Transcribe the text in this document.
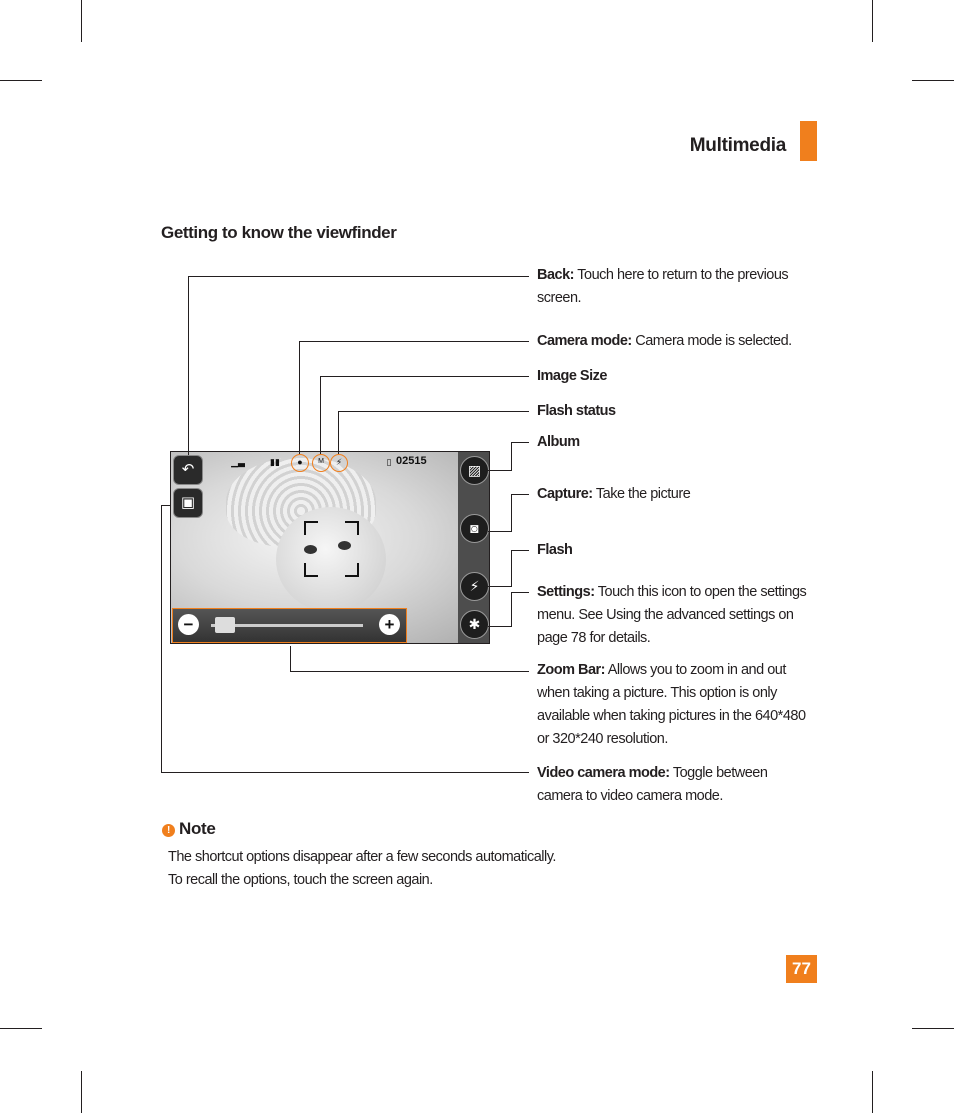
Multimedia
Getting to know the viewfinder
▁▃	▮▮	●	M	⚡	▯ 02515
↶
▣
▨
◙
⚡
✱
−	+
Back: Touch here to return to the previous screen.
Camera mode: Camera mode is selected.
Image Size
Flash status
Album
Capture: Take the picture
Flash
Settings: Touch this icon to open the settings menu. See Using the advanced settings on page 78 for details.
Zoom Bar: Allows you to zoom in and out when taking a picture. This option is only available when taking pictures in the 640*480 or 320*240 resolution.
Video camera mode: Toggle between camera to video camera mode.
! Note
The shortcut options disappear after a few seconds automatically.
To recall the options, touch the screen again.
77
